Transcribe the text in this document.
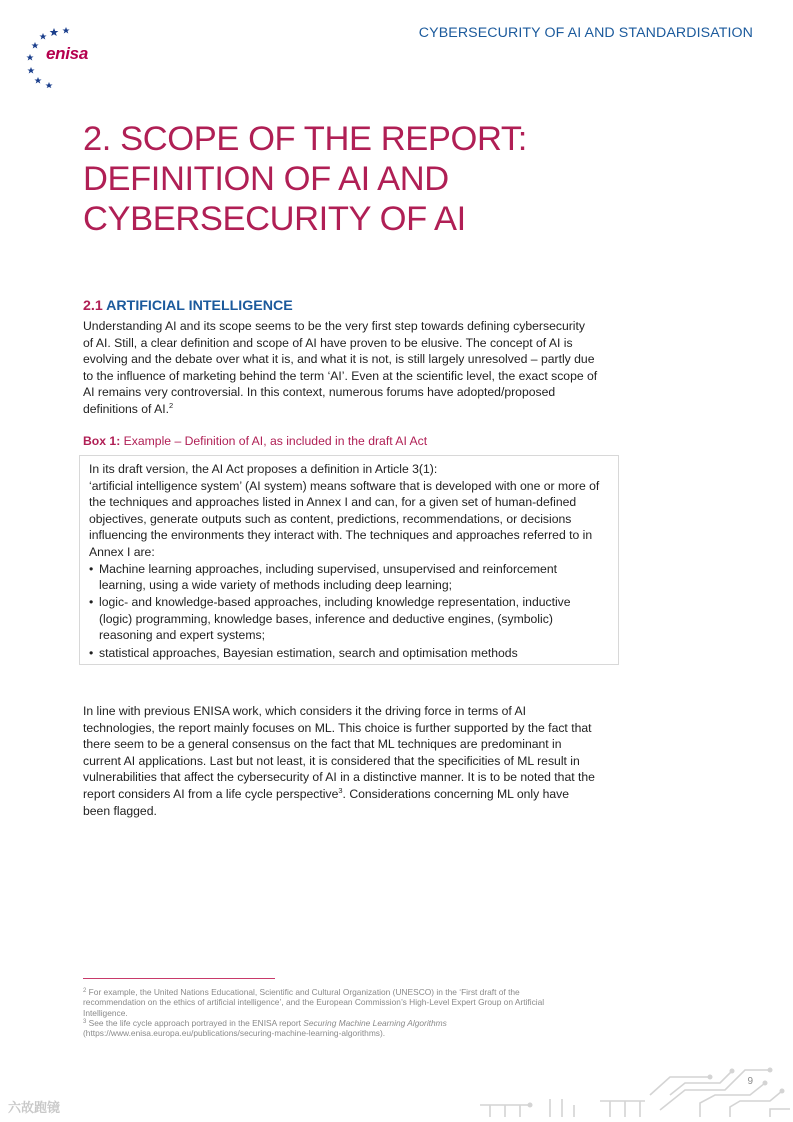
enisa
CYBERSECURITY OF AI AND STANDARDISATION
2. SCOPE OF THE REPORT:
DEFINITION OF AI AND
CYBERSECURITY OF AI
2.1 ARTIFICIAL INTELLIGENCE

Understanding AI and its scope seems to be the very first step towards defining cybersecurity of AI. Still, a clear definition and scope of AI have proven to be elusive. The concept of AI is evolving and the debate over what it is, and what it is not, is still largely unresolved – partly due to the influence of marketing behind the term ‘AI’. Even at the scientific level, the exact scope of AI remains very controversial. In this context, numerous forums have adopted/proposed definitions of AI.$^2$

Box 1: Example – Definition of AI, as included in the draft AI Act

In its draft version, the AI Act proposes a definition in Article 3(1):

‘artificial intelligence system’ (AI system) means software that is developed with one or more of the techniques and approaches listed in Annex I and can, for a given set of human-defined objectives, generate outputs such as content, predictions, recommendations, or decisions influencing the environments they interact with. The techniques and approaches referred to in Annex I are:

• Machine learning approaches, including supervised, unsupervised and reinforcement learning, using a wide variety of methods including deep learning;
• logic- and knowledge-based approaches, including knowledge representation, inductive (logic) programming, knowledge bases, inference and deductive engines, (symbolic) reasoning and expert systems;
• statistical approaches, Bayesian estimation, search and optimisation methods

In line with previous ENISA work, which considers it the driving force in terms of AI technologies, the report mainly focuses on ML. This choice is further supported by the fact that there seem to be a general consensus on the fact that ML techniques are predominant in current AI applications. Last but not least, it is considered that the specificities of ML result in vulnerabilities that affect the cybersecurity of AI in a distinctive manner. It is to be noted that the report considers AI from a life cycle perspective$^3$. Considerations concerning ML only have been flagged.

$^2$ For example, the United Nations Educational, Scientific and Cultural Organization (UNESCO) in the ‘First draft of the recommendation on the ethics of artificial intelligence’, and the European Commission’s High-Level Expert Group on Artificial Intelligence.

$^3$ See the life cycle approach portrayed in the ENISA report Securing Machine Learning Algorithms
(https://www.enisa.europa.eu/publications/securing-machine-learning-algorithms).

9
六故跑镜
